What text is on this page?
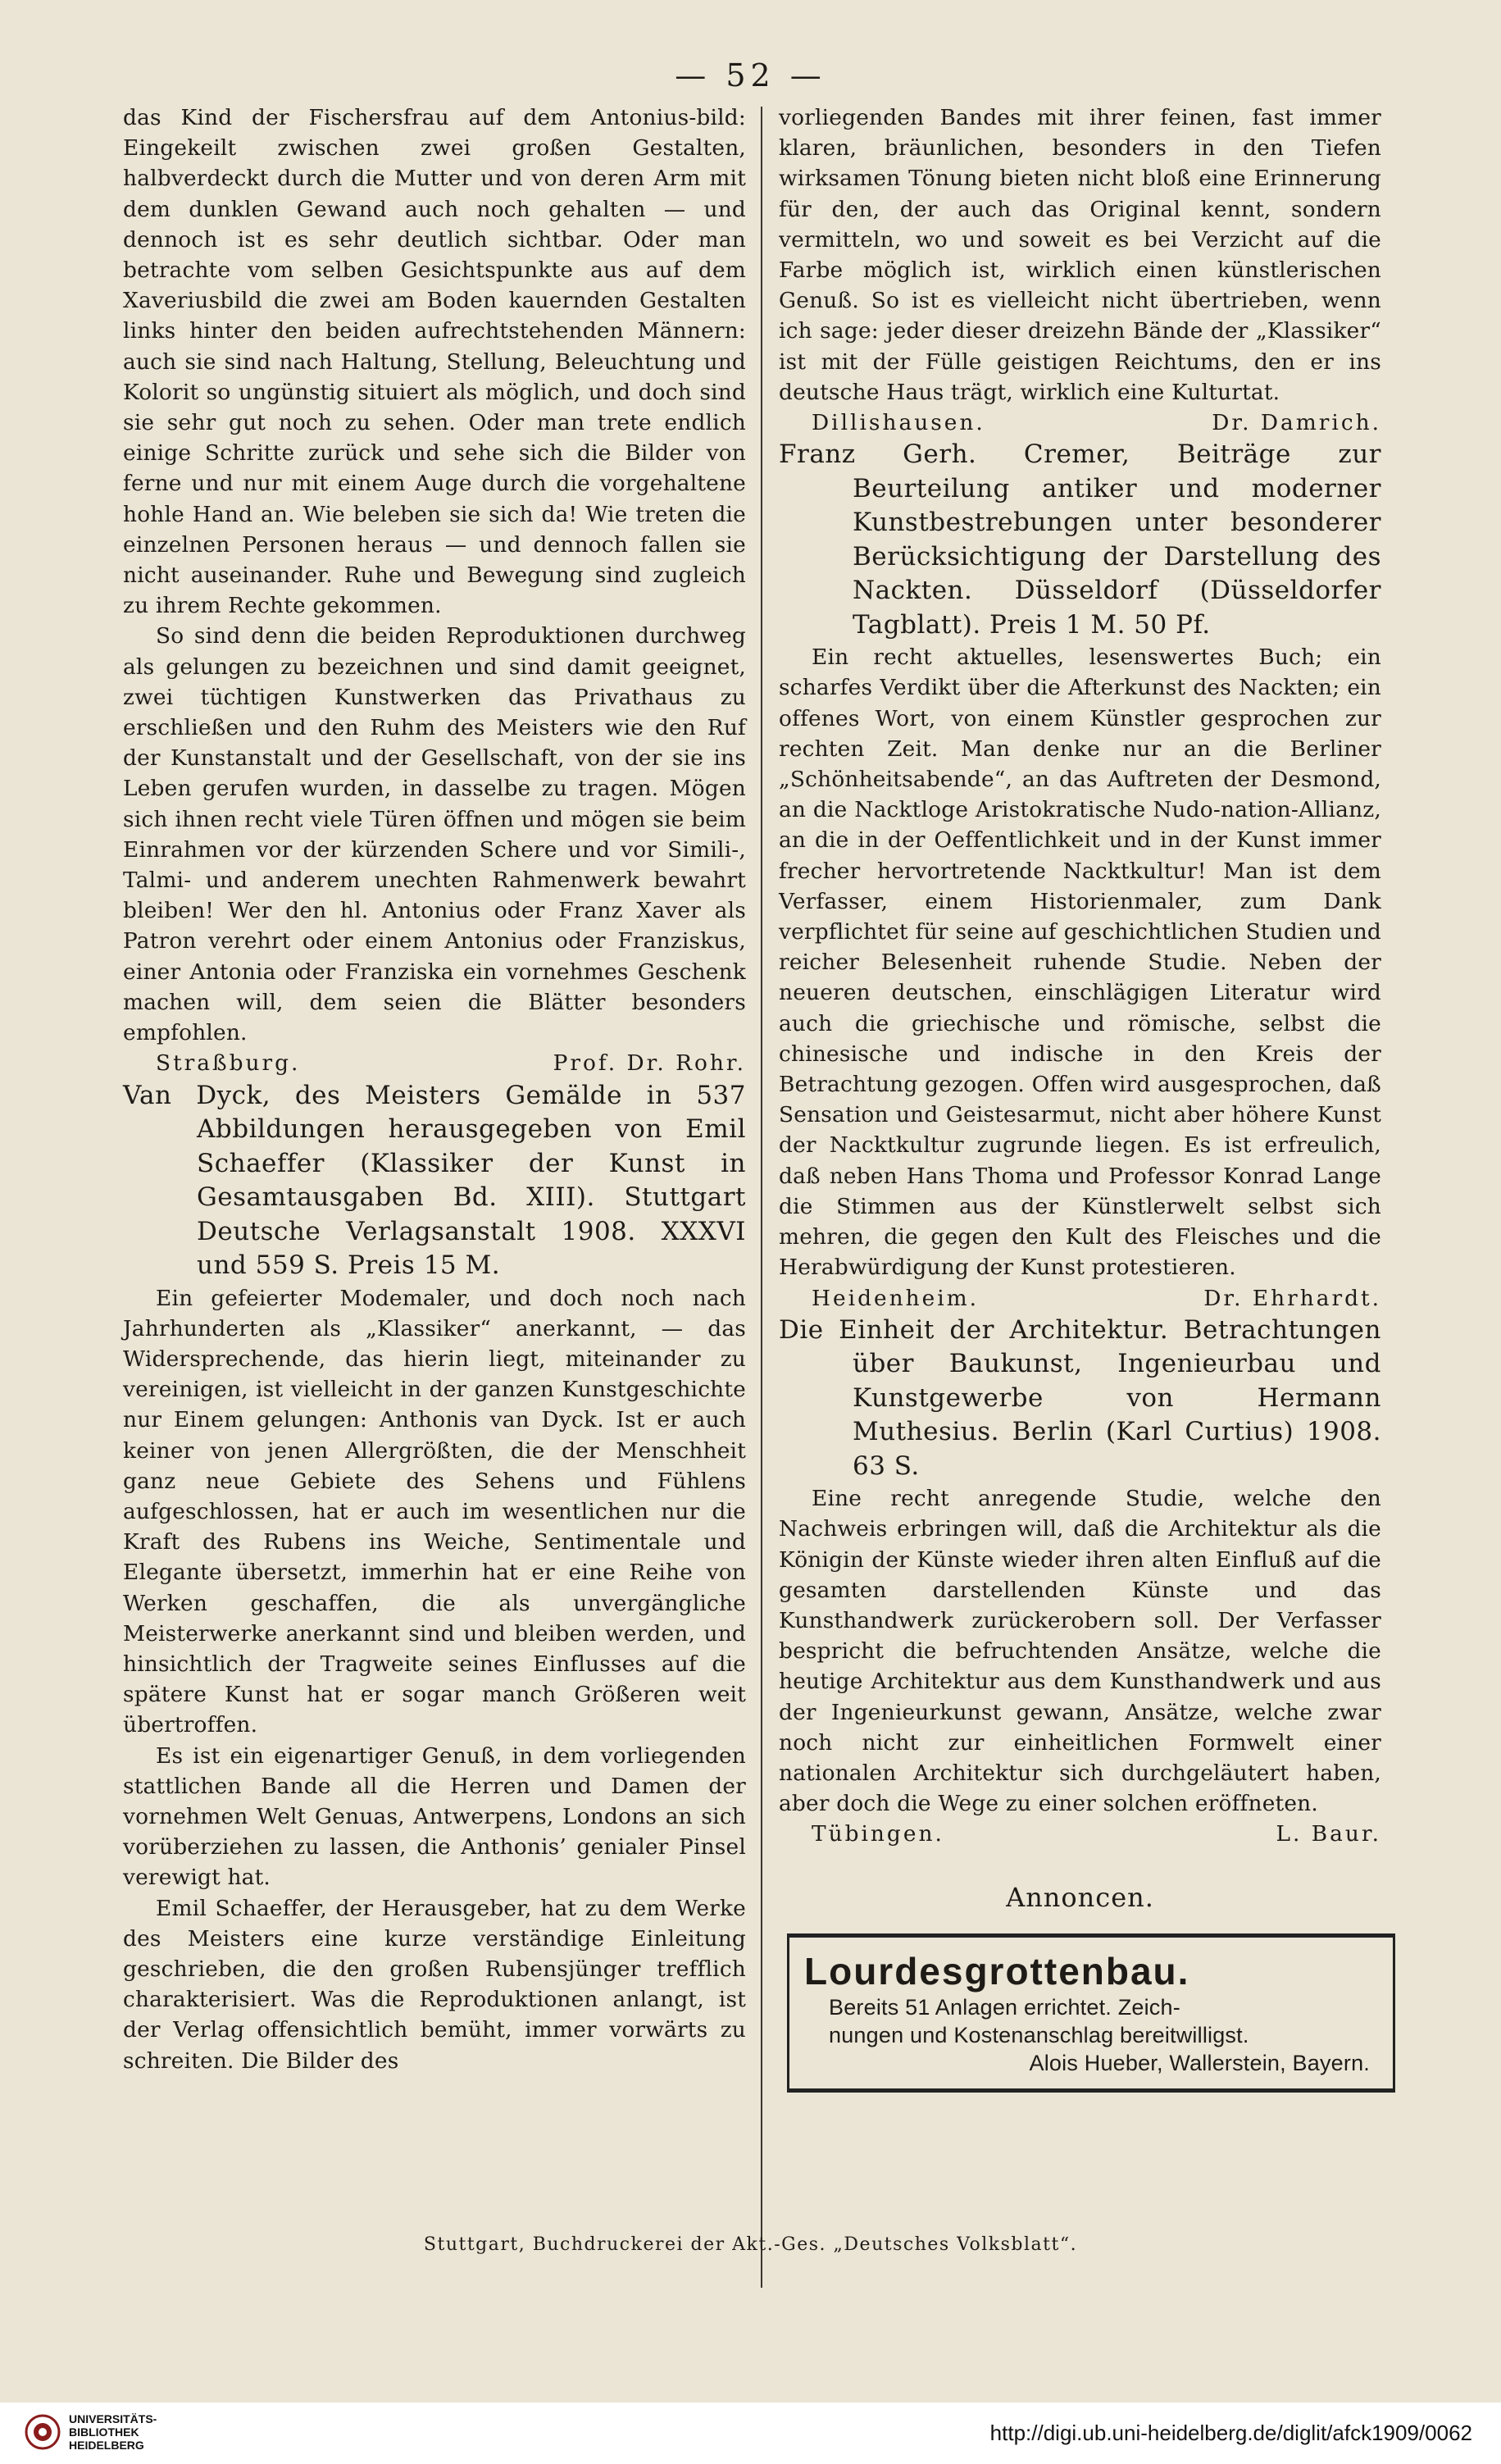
— 52 —

das Kind der Fischersfrau auf dem Antonius-bild: Eingekeilt zwischen zwei großen Gestalten, halbverdeckt durch die Mutter und von deren Arm mit dem dunklen Gewand auch noch gehalten — und dennoch ist es sehr deutlich sichtbar. Oder man betrachte vom selben Gesichtspunkte aus auf dem Xaveriusbild die zwei am Boden kauernden Gestalten links hinter den beiden aufrechtstehenden Männern: auch sie sind nach Haltung, Stellung, Beleuchtung und Kolorit so ungünstig situiert als möglich, und doch sind sie sehr gut noch zu sehen. Oder man trete endlich einige Schritte zurück und sehe sich die Bilder von ferne und nur mit einem Auge durch die vorgehaltene hohle Hand an. Wie beleben sie sich da! Wie treten die einzelnen Personen heraus — und dennoch fallen sie nicht auseinander. Ruhe und Bewegung sind zugleich zu ihrem Rechte gekommen.

So sind denn die beiden Reproduktionen durchweg als gelungen zu bezeichnen und sind damit geeignet, zwei tüchtigen Kunstwerken das Privathaus zu erschließen und den Ruhm des Meisters wie den Ruf der Kunstanstalt und der Gesellschaft, von der sie ins Leben gerufen wurden, in dasselbe zu tragen. Mögen sich ihnen recht viele Türen öffnen und mögen sie beim Einrahmen vor der kürzenden Schere und vor Simili-, Talmi- und anderem unechten Rahmenwerk bewahrt bleiben! Wer den hl. Antonius oder Franz Xaver als Patron verehrt oder einem Antonius oder Franziskus, einer Antonia oder Franziska ein vornehmes Geschenk machen will, dem seien die Blätter besonders empfohlen.

Straßburg.	Prof. Dr. Rohr.
Van Dyck, des Meisters Gemälde in 537 Abbildungen herausgegeben von Emil Schaeffer (Klassiker der Kunst in Gesamtausgaben Bd. XIII). Stuttgart Deutsche Verlagsanstalt 1908. XXXVI und 559 S. Preis 15 M.

Ein gefeierter Modemaler, und doch noch nach Jahrhunderten als „Klassiker“ anerkannt, — das Widersprechende, das hierin liegt, miteinander zu vereinigen, ist vielleicht in der ganzen Kunstgeschichte nur Einem gelungen: Anthonis van Dyck. Ist er auch keiner von jenen Allergrößten, die der Menschheit ganz neue Gebiete des Sehens und Fühlens aufgeschlossen, hat er auch im wesentlichen nur die Kraft des Rubens ins Weiche, Sentimentale und Elegante übersetzt, immerhin hat er eine Reihe von Werken geschaffen, die als unvergängliche Meisterwerke anerkannt sind und bleiben werden, und hinsichtlich der Tragweite seines Einflusses auf die spätere Kunst hat er sogar manch Größeren weit übertroffen.

Es ist ein eigenartiger Genuß, in dem vorliegenden stattlichen Bande all die Herren und Damen der vornehmen Welt Genuas, Antwerpens, Londons an sich vorüberziehen zu lassen, die Anthonis’ genialer Pinsel verewigt hat.

Emil Schaeffer, der Herausgeber, hat zu dem Werke des Meisters eine kurze verständige Einleitung geschrieben, die den großen Rubensjünger trefflich charakterisiert. Was die Reproduktionen anlangt, ist der Verlag offensichtlich bemüht, immer vorwärts zu schreiten. Die Bilder des

vorliegenden Bandes mit ihrer feinen, fast immer klaren, bräunlichen, besonders in den Tiefen wirksamen Tönung bieten nicht bloß eine Erinnerung für den, der auch das Original kennt, sondern vermitteln, wo und soweit es bei Verzicht auf die Farbe möglich ist, wirklich einen künstlerischen Genuß. So ist es vielleicht nicht übertrieben, wenn ich sage: jeder dieser dreizehn Bände der „Klassiker“ ist mit der Fülle geistigen Reichtums, den er ins deutsche Haus trägt, wirklich eine Kulturtat.

Dillishausen.	Dr. Damrich.
Franz Gerh. Cremer, Beiträge zur Beurteilung antiker und moderner Kunstbestrebungen unter besonderer Berücksichtigung der Darstellung des Nackten. Düsseldorf (Düsseldorfer Tagblatt). Preis 1 M. 50 Pf.

Ein recht aktuelles, lesenswertes Buch; ein scharfes Verdikt über die Afterkunst des Nackten; ein offenes Wort, von einem Künstler gesprochen zur rechten Zeit. Man denke nur an die Berliner „Schönheitsabende“, an das Auftreten der Desmond, an die Nacktloge Aristokratische Nudo-nation-Allianz, an die in der Oeffentlichkeit und in der Kunst immer frecher hervortretende Nacktkultur! Man ist dem Verfasser, einem Historienmaler, zum Dank verpflichtet für seine auf geschichtlichen Studien und reicher Belesenheit ruhende Studie. Neben der neueren deutschen, einschlägigen Literatur wird auch die griechische und römische, selbst die chinesische und indische in den Kreis der Betrachtung gezogen. Offen wird ausgesprochen, daß Sensation und Geistesarmut, nicht aber höhere Kunst der Nacktkultur zugrunde liegen. Es ist erfreulich, daß neben Hans Thoma und Professor Konrad Lange die Stimmen aus der Künstlerwelt selbst sich mehren, die gegen den Kult des Fleisches und die Herabwürdigung der Kunst protestieren.

Heidenheim.	Dr. Ehrhardt.
Die Einheit der Architektur. Betrachtungen über Baukunst, Ingenieurbau und Kunstgewerbe von Hermann Muthesius. Berlin (Karl Curtius) 1908. 63 S.

Eine recht anregende Studie, welche den Nachweis erbringen will, daß die Architektur als die Königin der Künste wieder ihren alten Einfluß auf die gesamten darstellenden Künste und das Kunsthandwerk zurückerobern soll. Der Verfasser bespricht die befruchtenden Ansätze, welche die heutige Architektur aus dem Kunsthandwerk und aus der Ingenieurkunst gewann, Ansätze, welche zwar noch nicht zur einheitlichen Formwelt einer nationalen Architektur sich durchgeläutert haben, aber doch die Wege zu einer solchen eröffneten.

Tübingen.	L. Baur.
Annoncen.
Lourdesgrottenbau.
Bereits 51 Anlagen errichtet. Zeich-
nungen und Kostenanschlag bereitwilligst.
Alois Hueber, Wallerstein, Bayern.
Stuttgart, Buchdruckerei der Akt.-Ges. „Deutsches Volksblatt“.
UNIVERSITÄTS-
BIBLIOTHEK
HEIDELBERG	http://digi.ub.uni-heidelberg.de/diglit/afck1909/0062
